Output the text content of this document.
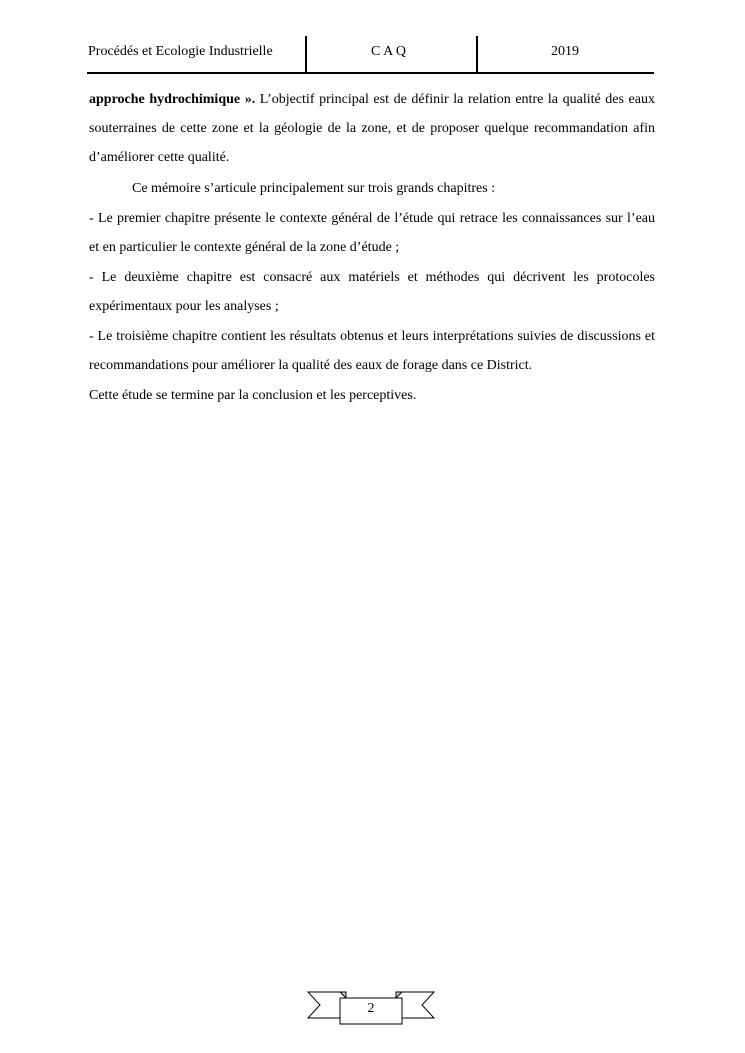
Procédés et Ecologie Industrielle	C A Q	2019

approche hydrochimique ». L’objectif principal est de définir la relation entre la qualité des eaux souterraines de cette zone et la géologie de la zone, et de proposer quelque recommandation afin d’améliorer cette qualité.

Ce mémoire s’articule principalement sur trois grands chapitres :

- Le premier chapitre présente le contexte général de l’étude qui retrace les connaissances sur l’eau et en particulier le contexte général de la zone d’étude ;

- Le deuxième chapitre est consacré aux matériels et méthodes qui décrivent les protocoles expérimentaux pour les analyses ;

- Le troisième chapitre contient les résultats obtenus et leurs interprétations suivies de discussions et recommandations pour améliorer la qualité des eaux de forage dans ce District.

Cette étude se termine par la conclusion et les perceptives.

2
